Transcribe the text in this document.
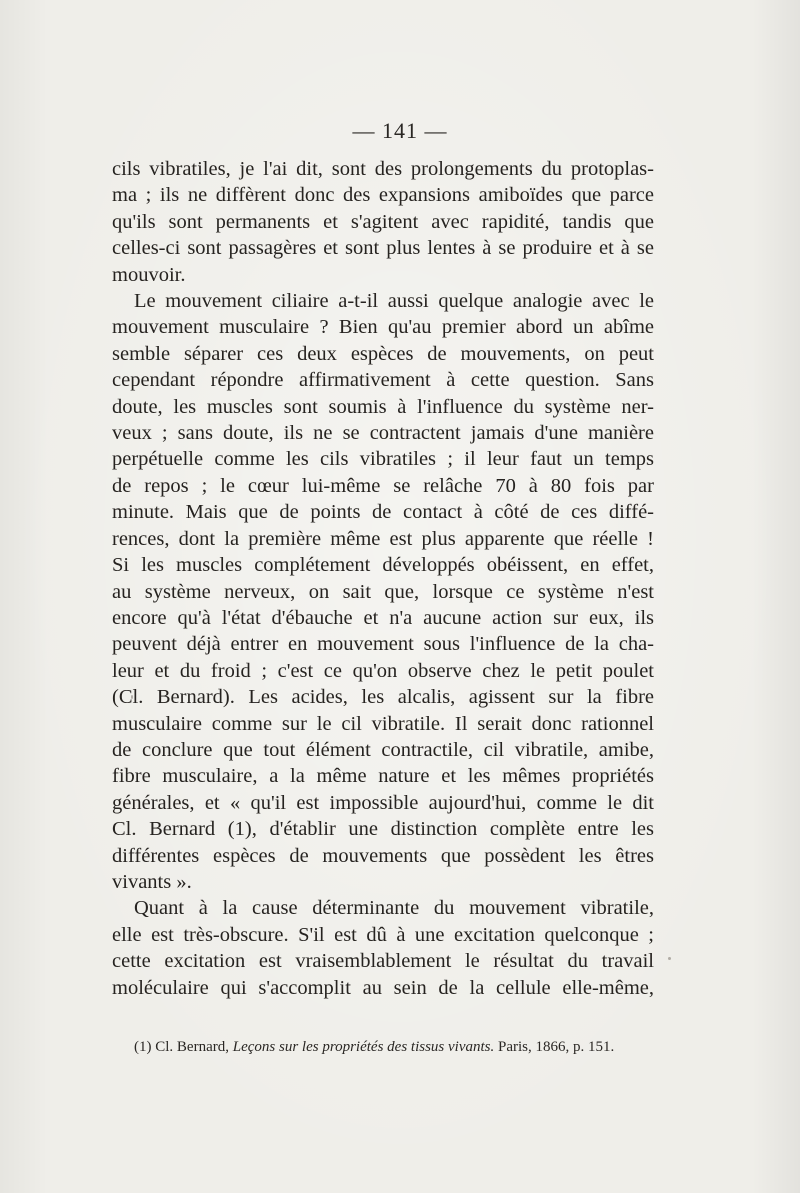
— 141 —

cils vibratiles, je l'ai dit, sont des prolongements du protoplas-
ma ; ils ne diffèrent donc des expansions amiboïdes que parce
qu'ils sont permanents et s'agitent avec rapidité, tandis que
celles-ci sont passagères et sont plus lentes à se produire et à se
mouvoir.

Le mouvement ciliaire a-t-il aussi quelque analogie avec le
mouvement musculaire ? Bien qu'au premier abord un abîme
semble séparer ces deux espèces de mouvements, on peut
cependant répondre affirmativement à cette question. Sans
doute, les muscles sont soumis à l'influence du système ner-
veux ; sans doute, ils ne se contractent jamais d'une manière
perpétuelle comme les cils vibratiles ; il leur faut un temps
de repos ; le cœur lui-même se relâche 70 à 80 fois par
minute. Mais que de points de contact à côté de ces diffé-
rences, dont la première même est plus apparente que réelle !
Si les muscles complétement développés obéissent, en effet,
au système nerveux, on sait que, lorsque ce système n'est
encore qu'à l'état d'ébauche et n'a aucune action sur eux, ils
peuvent déjà entrer en mouvement sous l'influence de la cha-
leur et du froid ; c'est ce qu'on observe chez le petit poulet
(Cl. Bernard). Les acides, les alcalis, agissent sur la fibre
musculaire comme sur le cil vibratile. Il serait donc rationnel
de conclure que tout élément contractile, cil vibratile, amibe,
fibre musculaire, a la même nature et les mêmes propriétés
générales, et « qu'il est impossible aujourd'hui, comme le dit
Cl. Bernard (1), d'établir une distinction complète entre les
différentes espèces de mouvements que possèdent les êtres
vivants ».

Quant à la cause déterminante du mouvement vibratile,
elle est très-obscure. S'il est dû à une excitation quelconque ;
cette excitation est vraisemblablement le résultat du travail
moléculaire qui s'accomplit au sein de la cellule elle-même,

(1) Cl. Bernard, Leçons sur les propriétés des tissus vivants. Paris, 1866, p. 151.
